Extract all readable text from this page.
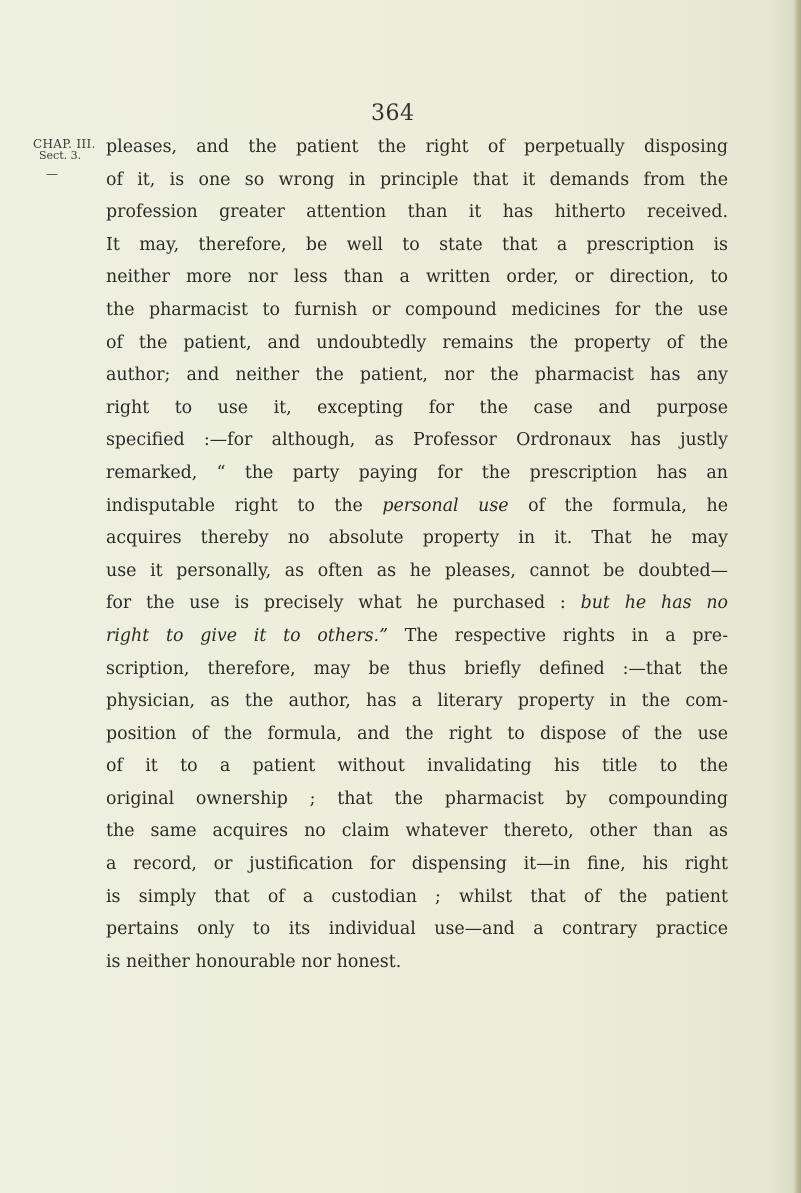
364
CHAP. III.
Sect. 3.
—
pleases, and the patient the right of perpetually disposing
of it, is one so wrong in principle that it demands from the
profession greater attention than it has hitherto received.
It may, therefore, be well to state that a prescription is
neither more nor less than a written order, or direction, to
the pharmacist to furnish or compound medicines for the use
of the patient, and undoubtedly remains the property of the
author; and neither the patient, nor the pharmacist has any
right to use it, excepting for the case and purpose
specified :—for although, as Professor Ordronaux has justly
remarked, “ the party paying for the prescription has an
indisputable right to the personal use of the formula, he
acquires thereby no absolute property in it. That he may
use it personally, as often as he pleases, cannot be doubted—
for the use is precisely what he purchased : but he has no
right to give it to others.” The respective rights in a pre-
scription, therefore, may be thus briefly defined :—that the
physician, as the author, has a literary property in the com-
position of the formula, and the right to dispose of the use
of it to a patient without invalidating his title to the
original ownership ; that the pharmacist by compounding
the same acquires no claim whatever thereto, other than as
a record, or justification for dispensing it—in fine, his right
is simply that of a custodian ; whilst that of the patient
pertains only to its individual use—and a contrary practice
is neither honourable nor honest.
